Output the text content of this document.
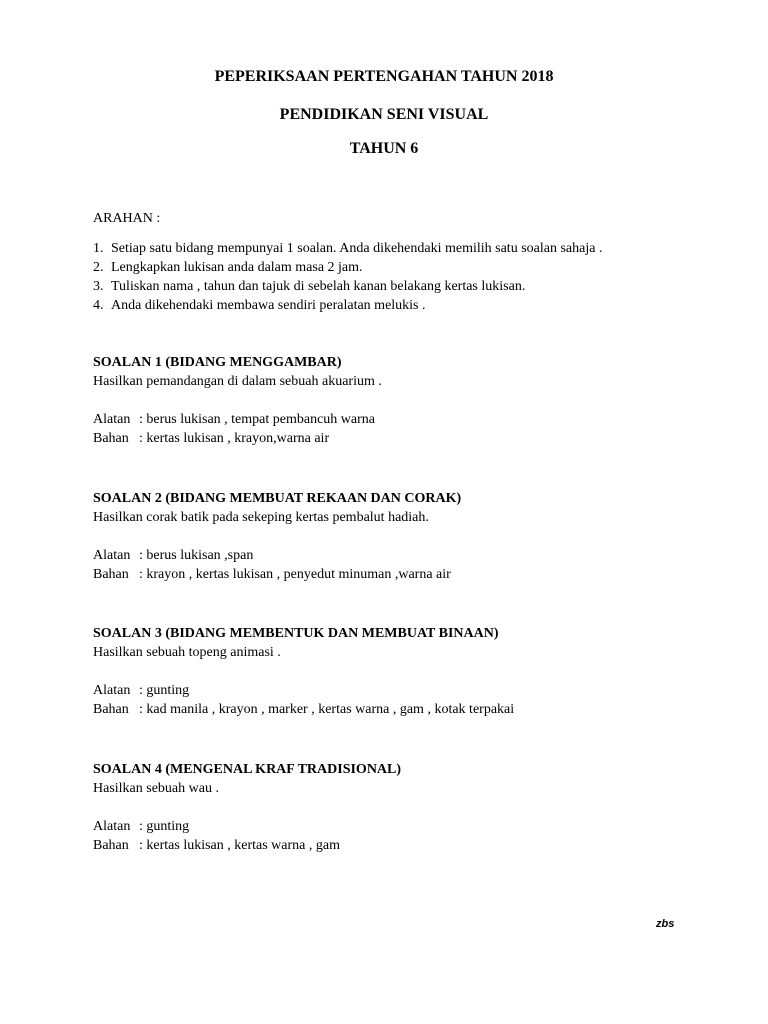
PEPERIKSAAN PERTENGAHAN TAHUN 2018
PENDIDIKAN SENI VISUAL
TAHUN 6
ARAHAN :
1. Setiap satu bidang mempunyai 1 soalan. Anda dikehendaki memilih satu soalan sahaja .
2. Lengkapkan lukisan anda dalam masa 2 jam.
3. Tuliskan nama , tahun dan tajuk di sebelah kanan belakang kertas lukisan.
4. Anda dikehendaki membawa sendiri peralatan melukis .
SOALAN 1 (BIDANG MENGGAMBAR)
Hasilkan pemandangan di dalam sebuah akuarium .
Alatan : berus lukisan , tempat pembancuh warna
Bahan : kertas lukisan , krayon,warna air
SOALAN 2 (BIDANG MEMBUAT REKAAN DAN CORAK)
Hasilkan corak batik pada sekeping kertas pembalut hadiah.
Alatan : berus lukisan ,span
Bahan : krayon , kertas lukisan , penyedut minuman ,warna air
SOALAN 3 (BIDANG MEMBENTUK DAN MEMBUAT BINAAN)
Hasilkan sebuah topeng animasi .
Alatan : gunting
Bahan : kad manila , krayon , marker , kertas warna , gam , kotak terpakai
SOALAN 4 (MENGENAL KRAF TRADISIONAL)
Hasilkan sebuah wau .
Alatan : gunting
Bahan : kertas lukisan , kertas warna , gam
zbs
